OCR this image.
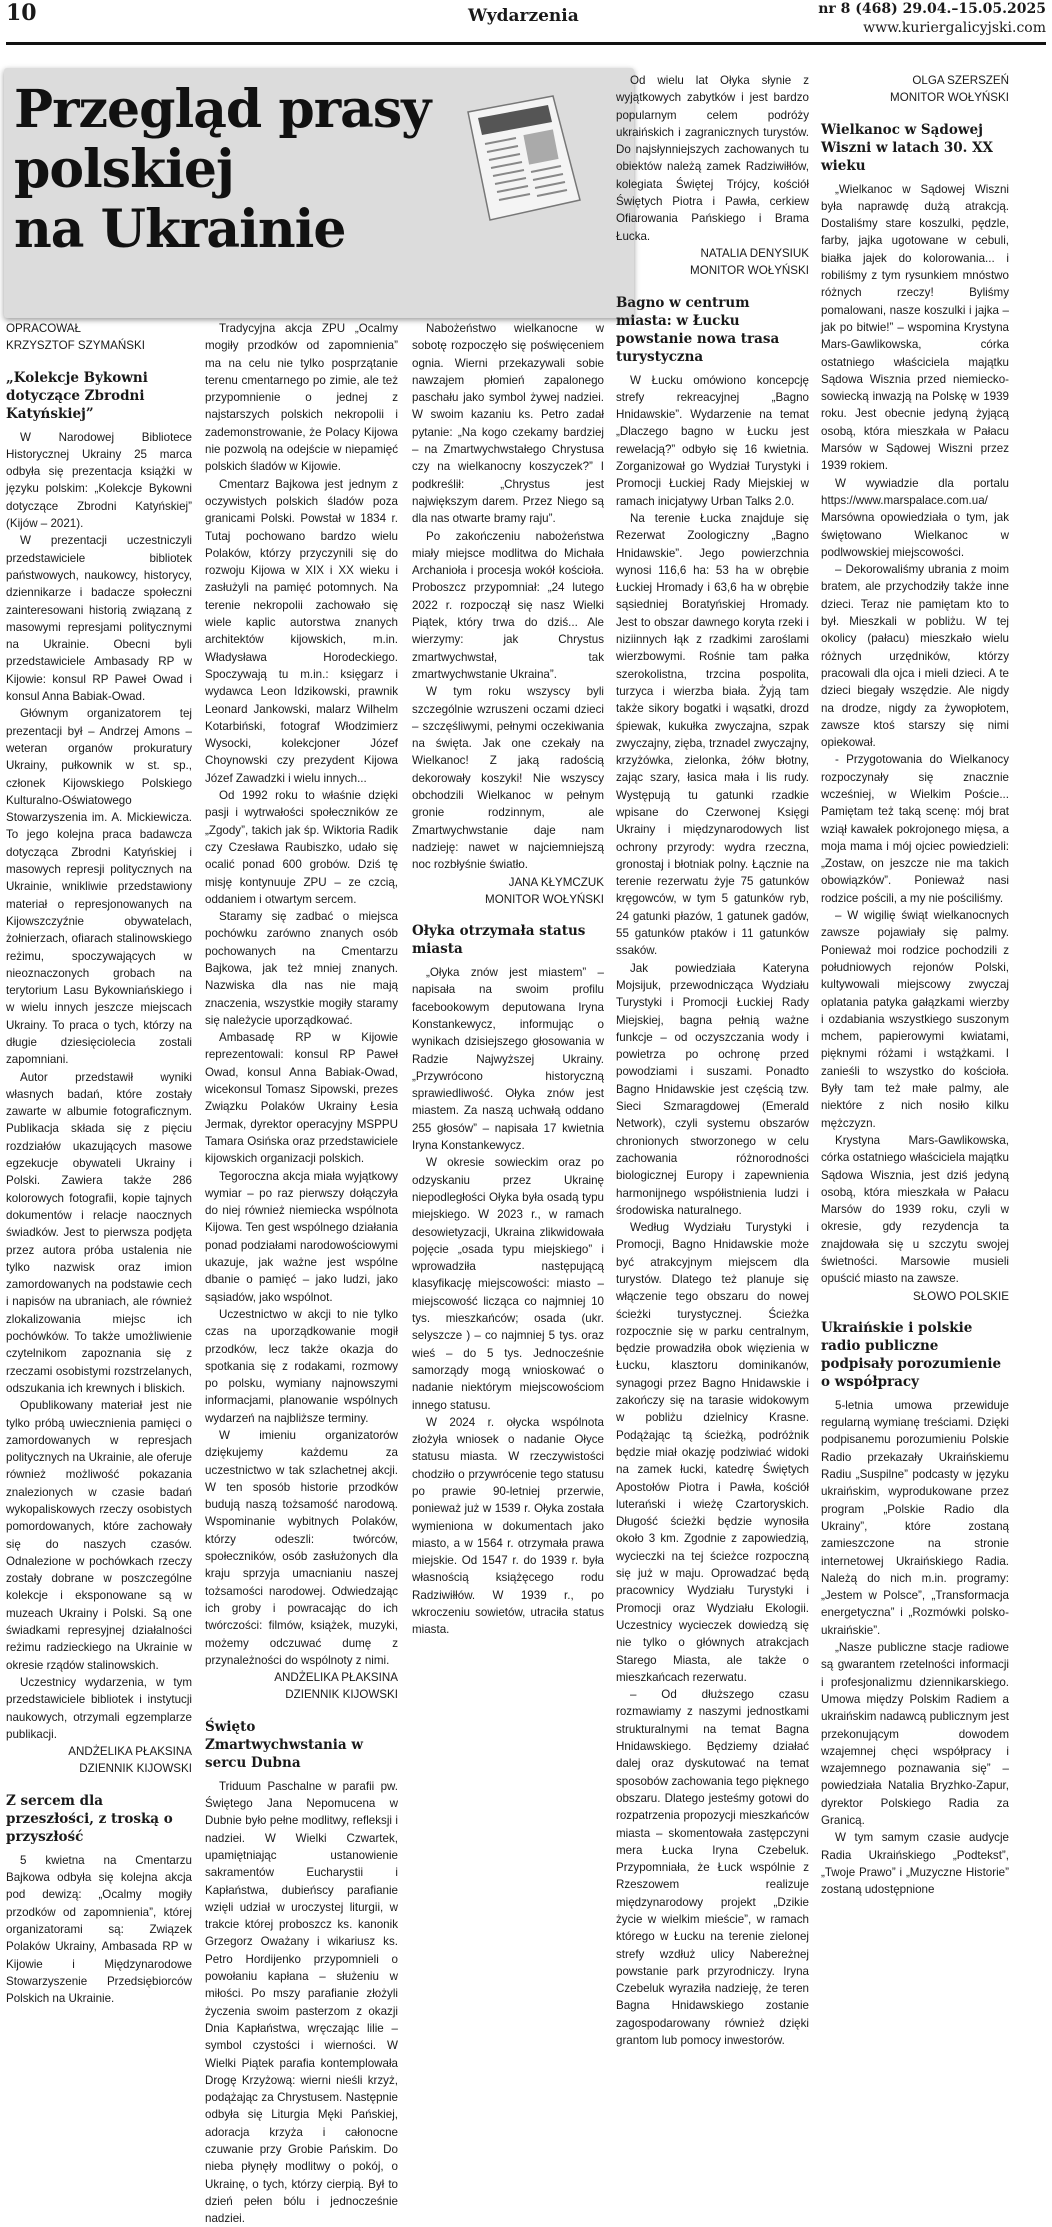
10	Wydarzenia	nr 8 (468) 29.04.–15.05.2025
www.kuriergalicyjski.com
Przegląd prasy
polskiej
na Ukrainie

OPRACOWAŁ

KRZYSZTOF SZYMAŃSKI

„Kolekcje Bykowni dotyczące Zbrodni Katyńskiej”

W Narodowej Bibliotece Historycznej Ukrainy 25 marca odbyła się prezentacja książki w języku polskim: „Kolekcje Bykowni dotyczące Zbrodni Katyńskiej” (Kijów – 2021).

W prezentacji uczestniczyli przedstawiciele bibliotek państwowych, naukowcy, historycy, dziennikarze i badacze społeczni zainteresowani historią związaną z masowymi represjami politycznymi na Ukrainie. Obecni byli przedstawiciele Ambasady RP w Kijowie: konsul RP Paweł Owad i konsul Anna Babiak-Owad.

Głównym organizatorem tej prezentacji był – Andrzej Amons – weteran organów prokuratury Ukrainy, pułkownik w st. sp., członek Kijowskiego Polskiego Kulturalno-Oświatowego Stowarzyszenia im. A. Mickiewicza. To jego kolejna praca badawcza dotycząca Zbrodni Katyńskiej i masowych represji politycznych na Ukrainie, wnikliwie przedstawiony materiał o represjonowanych na Kijowszczyźnie obywatelach, żołnierzach, ofiarach stalinowskiego reżimu, spoczywających w nieoznaczonych grobach na terytorium Lasu Bykowniańskiego i w wielu innych jeszcze miejscach Ukrainy. To praca o tych, którzy na długie dziesięciolecia zostali zapomniani.

Autor przedstawił wyniki własnych badań, które zostały zawarte w albumie fotograficznym. Publikacja składa się z pięciu rozdziałów ukazujących masowe egzekucje obywateli Ukrainy i Polski. Zawiera także 286 kolorowych fotografii, kopie tajnych dokumentów i relacje naocznych świadków. Jest to pierwsza podjęta przez autora próba ustalenia nie tylko nazwisk oraz imion zamordowanych na podstawie cech i napisów na ubraniach, ale również zlokalizowania miejsc ich pochówków. To także umożliwienie czytelnikom zapoznania się z rzeczami osobistymi rozstrzelanych, odszukania ich krewnych i bliskich.

Opublikowany materiał jest nie tylko próbą uwiecznienia pamięci o zamordowanych w represjach politycznych na Ukrainie, ale oferuje również możliwość pokazania znalezionych w czasie badań wykopaliskowych rzeczy osobistych pomordowanych, które zachowały się do naszych czasów. Odnalezione w pochówkach rzeczy zostały dobrane w poszczególne kolekcje i eksponowane są w muzeach Ukrainy i Polski. Są one świadkami represyjnej działalności reżimu radzieckiego na Ukrainie w okresie rządów stalinowskich.

Uczestnicy wydarzenia, w tym przedstawiciele bibliotek i instytucji naukowych, otrzymali egzemplarze publikacji.

ANDŻELIKA PŁAKSINA

DZIENNIK KIJOWSKI

Z sercem dla przeszłości, z troską o przyszłość

5 kwietna na Cmentarzu Bajkowa odbyła się kolejna akcja pod dewizą: „Ocalmy mogiły przodków od zapomnienia”, której organizatorami są: Związek Polaków Ukrainy, Ambasada RP w Kijowie i Międzynarodowe Stowarzyszenie Przedsiębiorców Polskich na Ukrainie.

Tradycyjna akcja ZPU „Ocalmy mogiły przodków od zapomnienia” ma na celu nie tylko posprzątanie terenu cmentarnego po zimie, ale też przypomnienie o jednej z najstarszych polskich nekropolii i zademonstrowanie, że Polacy Kijowa nie pozwolą na odejście w niepamięć polskich śladów w Kijowie.

Cmentarz Bajkowa jest jednym z oczywistych polskich śladów poza granicami Polski. Powstał w 1834 r. Tutaj pochowano bardzo wielu Polaków, którzy przyczynili się do rozwoju Kijowa w XIX i XX wieku i zasłużyli na pamięć potomnych. Na terenie nekropolii zachowało się wiele kaplic autorstwa znanych architektów kijowskich, m.in. Władysława Horodeckiego. Spoczywają tu m.in.: księgarz i wydawca Leon Idzikowski, prawnik Leonard Jankowski, malarz Wilhelm Kotarbiński, fotograf Włodzimierz Wysocki, kolekcjoner Józef Choynowski czy prezydent Kijowa Józef Zawadzki i wielu innych...

Od 1992 roku to właśnie dzięki pasji i wytrwałości społeczników ze „Zgody”, takich jak śp. Wiktoria Radik czy Czesława Raubiszko, udało się ocalić ponad 600 grobów. Dziś tę misję kontynuuje ZPU – ze czcią, oddaniem i otwartym sercem.

Staramy się zadbać o miejsca pochówku zarówno znanych osób pochowanych na Cmentarzu Bajkowa, jak też mniej znanych. Nazwiska dla nas nie mają znaczenia, wszystkie mogiły staramy się należycie uporządkować.

Ambasadę RP w Kijowie reprezentowali: konsul RP Paweł Owad, konsul Anna Babiak-Owad, wicekonsul Tomasz Sipowski, prezes Związku Polaków Ukrainy Łesia Jermak, dyrektor operacyjny MSPPU Tamara Osińska oraz przedstawiciele kijowskich organizacji polskich.

Tegoroczna akcja miała wyjątkowy wymiar – po raz pierwszy dołączyła do niej również niemiecka wspólnota Kijowa. Ten gest wspólnego działania ponad podziałami narodowościowymi ukazuje, jak ważne jest wspólne dbanie o pamięć – jako ludzi, jako sąsiadów, jako wspólnot.

Uczestnictwo w akcji to nie tylko czas na uporządkowanie mogił przodków, lecz także okazja do spotkania się z rodakami, rozmowy po polsku, wymiany najnowszymi informacjami, planowanie wspólnych wydarzeń na najbliższe terminy.

W imieniu organizatorów dziękujemy każdemu za uczestnictwo w tak szlachetnej akcji. W ten sposób historie przodków budują naszą tożsamość narodową. Wspominanie wybitnych Polaków, którzy odeszli: twórców, społeczników, osób zasłużonych dla kraju sprzyja umacnianiu naszej tożsamości narodowej. Odwiedzając ich groby i powracając do ich twórczości: filmów, książek, muzyki, możemy odczuwać dumę z przynależności do wspólnoty z nimi.

ANDŻELIKA PŁAKSINA

DZIENNIK KIJOWSKI

Święto Zmartwychwstania w sercu Dubna

Triduum Paschalne w parafii pw. Świętego Jana Nepomucena w Dubnie było pełne modlitwy, refleksji i nadziei. W Wielki Czwartek, upamiętniając ustanowienie sakramentów Eucharystii i Kapłaństwa, dubieńscy parafianie wzięli udział w uroczystej liturgii, w trakcie której proboszcz ks. kanonik Grzegorz Oważany i wikariusz ks. Petro Hordijenko przypomnieli o powołaniu kapłana – służeniu w miłości. Po mszy parafianie złożyli życzenia swoim pasterzom z okazji Dnia Kapłaństwa, wręczając lilie – symbol czystości i wierności. W Wielki Piątek parafia kontemplowała Drogę Krzyżową: wierni nieśli krzyż, podążając za Chrystusem. Następnie odbyła się Liturgia Męki Pańskiej, adoracja krzyża i całonocne czuwanie przy Grobie Pańskim. Do nieba płynęły modlitwy o pokój, o Ukrainę, o tych, którzy cierpią. Był to dzień pełen bólu i jednocześnie nadziei.

Nabożeństwo wielkanocne w sobotę rozpoczęło się poświęceniem ognia. Wierni przekazywali sobie nawzajem płomień zapalonego paschału jako symbol żywej nadziei. W swoim kazaniu ks. Petro zadał pytanie: „Na kogo czekamy bardziej – na Zmartwychwstałego Chrystusa czy na wielkanocny koszyczek?” I podkreślił: „Chrystus jest największym darem. Przez Niego są dla nas otwarte bramy raju”.

Po zakończeniu nabożeństwa miały miejsce modlitwa do Michała Archanioła i procesja wokół kościoła. Proboszcz przypomniał: „24 lutego 2022 r. rozpoczął się nasz Wielki Piątek, który trwa do dziś... Ale wierzymy: jak Chrystus zmartwychwstał, tak zmartwychwstanie Ukraina”.

W tym roku wszyscy byli szczególnie wzruszeni oczami dzieci – szczęśliwymi, pełnymi oczekiwania na święta. Jak one czekały na Wielkanoc! Z jaką radością dekorowały koszyki! Nie wszyscy obchodzili Wielkanoc w pełnym gronie rodzinnym, ale Zmartwychwstanie daje nam nadzieję: nawet w najciemniejszą noc rozbłyśnie światło.

JANA KŁYMCZUK

MONITOR WOŁYŃSKI

Ołyka otrzymała status miasta

„Ołyka znów jest miastem” – napisała na swoim profilu facebookowym deputowana Iryna Konstankewycz, informując o wynikach dzisiejszego głosowania w Radzie Najwyższej Ukrainy. „Przywrócono historyczną sprawiedliwość. Ołyka znów jest miastem. Za naszą uchwałą oddano 255 głosów” – napisała 17 kwietnia Iryna Konstankewycz.

W okresie sowieckim oraz po odzyskaniu przez Ukrainę niepodległości Ołyka była osadą typu miejskiego. W 2023 r., w ramach desowietyzacji, Ukraina zlikwidowała pojęcie „osada typu miejskiego” i wprowadziła następującą klasyfikację miejscowości: miasto – miejscowość licząca co najmniej 10 tys. mieszkańców; osada (ukr. selyszcze ) – co najmniej 5 tys. oraz wieś – do 5 tys. Jednocześnie samorządy mogą wnioskować o nadanie niektórym miejscowościom innego statusu.

W 2024 r. ołycka wspólnota złożyła wniosek o nadanie Ołyce statusu miasta. W rzeczywistości chodziło o przywrócenie tego statusu po prawie 90-letniej przerwie, ponieważ już w 1539 r. Ołyka została wymieniona w dokumentach jako miasto, a w 1564 r. otrzymała prawa miejskie. Od 1547 r. do 1939 r. była własnością książęcego rodu Radziwiłłów. W 1939 r., po wkroczeniu sowietów, utraciła status miasta.

Od wielu lat Ołyka słynie z wyjątkowych zabytków i jest bardzo popularnym celem podróży ukraińskich i zagranicznych turystów. Do najsłynniejszych zachowanych tu obiektów należą zamek Radziwiłłów, kolegiata Świętej Trójcy, kościół Świętych Piotra i Pawła, cerkiew Ofiarowania Pańskiego i Brama Łucka.

NATALIA DENYSIUK

MONITOR WOŁYŃSKI

Bagno w centrum miasta: w Łucku powstanie nowa trasa turystyczna

W Łucku omówiono koncepcję strefy rekreacyjnej „Bagno Hnidawskie”. Wydarzenie na temat „Dlaczego bagno w Łucku jest rewelacją?” odbyło się 16 kwietnia. Zorganizował go Wydział Turystyki i Promocji Łuckiej Rady Miejskiej w ramach inicjatywy Urban Talks 2.0.

Na terenie Łucka znajduje się Rezerwat Zoologiczny „Bagno Hnidawskie”. Jego powierzchnia wynosi 116,6 ha: 53 ha w obrębie Łuckiej Hromady i 63,6 ha w obrębie sąsiedniej Boratyńskiej Hromady. Jest to obszar dawnego koryta rzeki i niziinnych łąk z rzadkimi zaroślami wierzbowymi. Rośnie tam pałka szerokolistna, trzcina pospolita, turzyca i wierzba biała. Żyją tam także sikory bogatki i wąsatki, drozd śpiewak, kukułka zwyczajna, szpak zwyczajny, zięba, trznadel zwyczajny, krzyżówka, zielonka, żółw błotny, zając szary, łasica mała i lis rudy. Występują tu gatunki rzadkie wpisane do Czerwonej Księgi Ukrainy i międzynarodowych list ochrony przyrody: wydra rzeczna, gronostaj i błotniak polny. Łącznie na terenie rezerwatu żyje 75 gatunków kręgowców, w tym 5 gatunków ryb, 24 gatunki płazów, 1 gatunek gadów, 55 gatunków ptaków i 11 gatunków ssaków.

Jak powiedziała Kateryna Mojsijuk, przewodnicząca Wydziału Turystyki i Promocji Łuckiej Rady Miejskiej, bagna pełnią ważne funkcje – od oczyszczania wody i powietrza po ochronę przed powodziami i suszami. Ponadto Bagno Hnidawskie jest częścią tzw. Sieci Szmaragdowej (Emerald Network), czyli systemu obszarów chronionych stworzonego w celu zachowania różnorodności biologicznej Europy i zapewnienia harmonijnego współistnienia ludzi i środowiska naturalnego.

Według Wydziału Turystyki i Promocji, Bagno Hnidawskie może być atrakcyjnym miejscem dla turystów. Dlatego też planuje się włączenie tego obszaru do nowej ścieżki turystycznej. Ścieżka rozpocznie się w parku centralnym, będzie prowadziła obok więzienia w Łucku, klasztoru dominikanów, synagogi przez Bagno Hnidawskie i zakończy się na tarasie widokowym w pobliżu dzielnicy Krasne. Podążając tą ścieżką, podróżnik będzie miał okazję podziwiać widoki na zamek łucki, katedrę Świętych Apostołów Piotra i Pawła, kościół luterański i wieżę Czartoryskich. Długość ścieżki będzie wynosiła około 3 km. Zgodnie z zapowiedzią, wycieczki na tej ścieżce rozpoczną się już w maju. Oprowadzać będą pracownicy Wydziału Turystyki i Promocji oraz Wydziału Ekologii. Uczestnicy wycieczek dowiedzą się nie tylko o głównych atrakcjach Starego Miasta, ale także o mieszkańcach rezerwatu.

– Od dłuższego czasu rozmawiamy z naszymi jednostkami strukturalnymi na temat Bagna Hnidawskiego. Będziemy działać dalej oraz dyskutować na temat sposobów zachowania tego pięknego obszaru. Dlatego jesteśmy gotowi do rozpatrzenia propozycji mieszkańców miasta – skomentowała zastępczyni mera Łucka Iryna Czebeluk. Przypomniała, że Łuck wspólnie z Rzeszowem realizuje międzynarodowy projekt „Dzikie życie w wielkim mieście”, w ramach którego w Łucku na terenie zielonej strefy wzdłuż ulicy Nabereżnej powstanie park przyrodniczy. Iryna Czebeluk wyraziła nadzieję, że teren Bagna Hnidawskiego zostanie zagospodarowany również dzięki grantom lub pomocy inwestorów.

OLGA SZERSZEŃ

MONITOR WOŁYŃSKI

Wielkanoc w Sądowej Wiszni w latach 30. XX wieku

„Wielkanoc w Sądowej Wiszni była naprawdę dużą atrakcją. Dostaliśmy stare koszulki, pędzle, farby, jajka ugotowane w cebuli, białka jajek do kolorowania... i robiliśmy z tym rysunkiem mnóstwo różnych rzeczy! Byliśmy pomalowani, nasze koszulki i jajka – jak po bitwie!” – wspomina Krystyna Mars-Gawlikowska, córka ostatniego właściciela majątku Sądowa Wisznia przed niemiecko-sowiecką inwazją na Polskę w 1939 roku. Jest obecnie jedyną żyjącą osobą, która mieszkała w Pałacu Marsów w Sądowej Wiszni przez 1939 rokiem.

W wywiadzie dla portalu https://www.marspalace.com.ua/ Marsówna opowiedziała o tym, jak świętowano Wielkanoc w podlwowskiej miejscowości.

– Dekorowaliśmy ubrania z moim bratem, ale przychodziły także inne dzieci. Teraz nie pamiętam kto to był. Mieszkali w pobliżu. W tej okolicy (pałacu) mieszkało wielu różnych urzędników, którzy pracowali dla ojca i mieli dzieci. A te dzieci biegały wszędzie. Ale nigdy na drodze, nigdy za żywopłotem, zawsze ktoś starszy się nimi opiekował.

- Przygotowania do Wielkanocy rozpoczynały się znacznie wcześniej, w Wielkim Poście... Pamiętam też taką scenę: mój brat wziął kawałek pokrojonego mięsa, a moja mama i mój ojciec powiedzieli: „Zostaw, on jeszcze nie ma takich obowiązków”. Ponieważ nasi rodzice pościli, a my nie pościliśmy.

– W wigilię świąt wielkanocnych zawsze pojawiały się palmy. Ponieważ moi rodzice pochodzili z południowych rejonów Polski, kultywowali miejscowy zwyczaj oplatania patyka gałązkami wierzby i ozdabiania wszystkiego suszonym mchem, papierowymi kwiatami, pięknymi różami i wstążkami. I zanieśli to wszystko do kościoła. Były tam też małe palmy, ale niektóre z nich nosiło kilku mężczyzn.

Krystyna Mars-Gawlikowska, córka ostatniego właściciela majątku Sądowa Wisznia, jest dziś jedyną osobą, która mieszkała w Pałacu Marsów do 1939 roku, czyli w okresie, gdy rezydencja ta znajdowała się u szczytu swojej świetności. Marsowie musieli opuścić miasto na zawsze.

SŁOWO POLSKIE

Ukraińskie i polskie radio publiczne podpisały porozumienie o współpracy

5-letnia umowa przewiduje regularną wymianę treściami. Dzięki podpisanemu porozumieniu Polskie Radio przekazały Ukraińskiemu Radiu „Suspilne” podcasty w języku ukraińskim, wyprodukowane przez program „Polskie Radio dla Ukrainy”, które zostaną zamieszczone na stronie internetowej Ukraińskiego Radia. Należą do nich m.in. programy: „Jestem w Polsce”, „Transformacja energetyczna” i „Rozmówki polsko-ukraińskie”.

„Nasze publiczne stacje radiowe są gwarantem rzetelności informacji i profesjonalizmu dziennikarskiego. Umowa między Polskim Radiem a ukraińskim nadawcą publicznym jest przekonującym dowodem wzajemnej chęci współpracy i wzajemnego poznawania się” – powiedziała Natalia Bryzhko-Zapur, dyrektor Polskiego Radia za Granicą.

W tym samym czasie audycje Radia Ukraińskiego „Podtekst”, „Twoje Prawo” i „Muzyczne Historie” zostaną udostępnione
